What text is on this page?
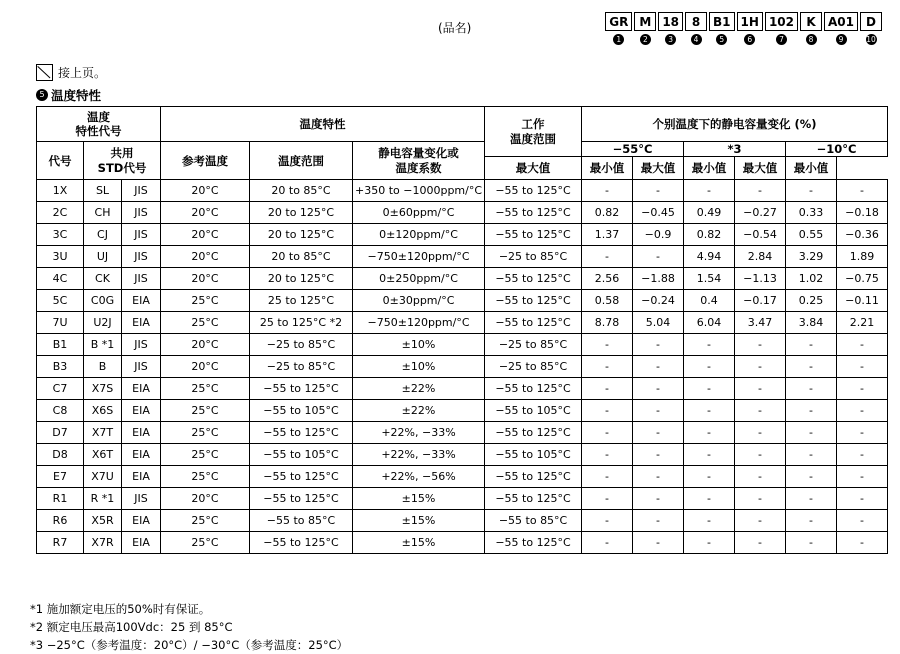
(品名)	GR
1
M
2
18
3
8
4
B1
5
1H
6
102
7
K
8
A01
9
D
10
接上页。
5 温度特性
温度
特性代号			温度特性			工作
温度范围	个别温度下的静电容量变化 (%)					
代号	共用
STD代号		参考温度	温度范围	静电容量变化或
温度系数		−55°C		*3		−10°C	
						最大值	最小值	最大值	最小值	最大值	最小值	
1X	SL	JIS	20°C	20 to 85°C	+350 to −1000ppm/°C	−55 to 125°C	-	-	-	-	-	-
2C	CH	JIS	20°C	20 to 125°C	0±60ppm/°C	−55 to 125°C	0.82	−0.45	0.49	−0.27	0.33	−0.18
3C	CJ	JIS	20°C	20 to 125°C	0±120ppm/°C	−55 to 125°C	1.37	−0.9	0.82	−0.54	0.55	−0.36
3U	UJ	JIS	20°C	20 to 85°C	−750±120ppm/°C	−25 to 85°C	-	-	4.94	2.84	3.29	1.89
4C	CK	JIS	20°C	20 to 125°C	0±250ppm/°C	−55 to 125°C	2.56	−1.88	1.54	−1.13	1.02	−0.75
5C	C0G	EIA	25°C	25 to 125°C	0±30ppm/°C	−55 to 125°C	0.58	−0.24	0.4	−0.17	0.25	−0.11
7U	U2J	EIA	25°C	25 to 125°C *2	−750±120ppm/°C	−55 to 125°C	8.78	5.04	6.04	3.47	3.84	2.21
B1	B *1	JIS	20°C	−25 to 85°C	±10%	−25 to 85°C	-	-	-	-	-	-
B3	B	JIS	20°C	−25 to 85°C	±10%	−25 to 85°C	-	-	-	-	-	-
C7	X7S	EIA	25°C	−55 to 125°C	±22%	−55 to 125°C	-	-	-	-	-	-
C8	X6S	EIA	25°C	−55 to 105°C	±22%	−55 to 105°C	-	-	-	-	-	-
D7	X7T	EIA	25°C	−55 to 125°C	+22%, −33%	−55 to 125°C	-	-	-	-	-	-
D8	X6T	EIA	25°C	−55 to 105°C	+22%, −33%	−55 to 105°C	-	-	-	-	-	-
E7	X7U	EIA	25°C	−55 to 125°C	+22%, −56%	−55 to 125°C	-	-	-	-	-	-
R1	R *1	JIS	20°C	−55 to 125°C	±15%	−55 to 125°C	-	-	-	-	-	-
R6	X5R	EIA	25°C	−55 to 85°C	±15%	−55 to 85°C	-	-	-	-	-	-
R7	X7R	EIA	25°C	−55 to 125°C	±15%	−55 to 125°C	-	-	-	-	-	-
*1 施加额定电压的50%时有保证。
*2 额定电压最高100Vdc：25 到 85°C
*3 −25°C（参考温度：20°C）/ −30°C（参考温度：25°C）
